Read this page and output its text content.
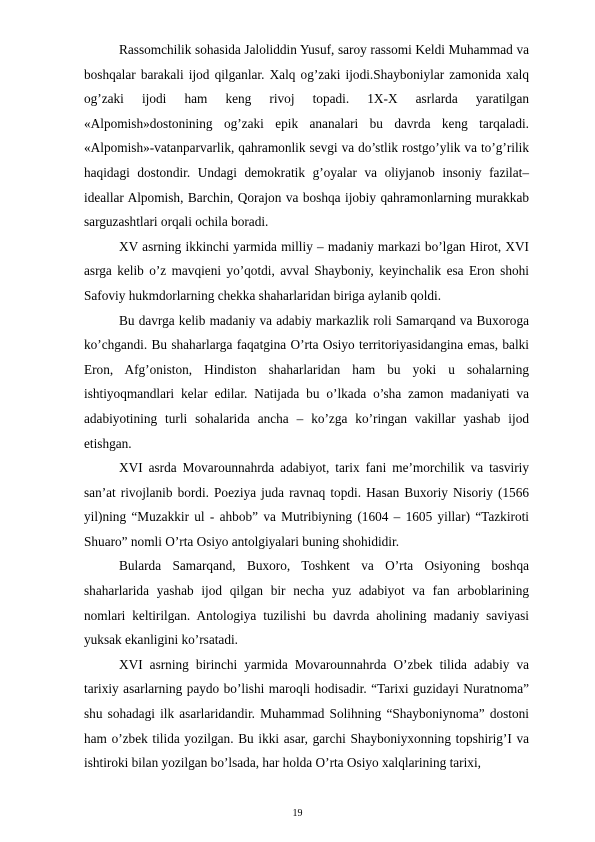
Rassomchilik sohasida Jaloliddin Yusuf, saroy rassomi Keldi Muhammad va boshqalar barakali ijod qilganlar. Xalq og’zaki ijodi.Shayboniylar zamonida xalq og’zaki ijodi ham keng rivoj topadi. 1X-X asrlarda yaratilgan «Alpomish»dostonining og’zaki epik ananalari bu davrda keng tarqaladi. «Alpomish»-vatanparvarlik, qahramonlik sevgi va do’stlik rostgo’ylik va to’g’rilik haqidagi dostondir. Undagi demokratik g’oyalar va oliyjanob insoniy fazilat–ideallar Alpomish, Barchin, Qorajon va boshqa ijobiy qahramonlarning murakkab sarguzashtlari orqali ochila boradi.

XV asrning ikkinchi yarmida milliy – madaniy markazi bo’lgan Hirot, XVI asrga kelib o’z mavqieni yo’qotdi, avval Shayboniy, keyinchalik esa Eron shohi Safoviy hukmdorlarning chekka shaharlaridan biriga aylanib qoldi.

Bu davrga kelib madaniy va adabiy markazlik roli Samarqand va Buxoroga ko’chgandi. Bu shaharlarga faqatgina O’rta Osiyo territoriyasidangina emas, balki Eron, Afg’oniston, Hindiston shaharlaridan ham bu yoki u sohalarning ishtiyoqmandlari kelar edilar. Natijada bu o’lkada o’sha zamon madaniyati va adabiyotining turli sohalarida ancha – ko’zga ko’ringan vakillar yashab ijod etishgan.

XVI asrda Movarounnahrda adabiyot, tarix fani me’morchilik va tasviriy san’at rivojlanib bordi. Poeziya juda ravnaq topdi. Hasan Buxoriy Nisoriy (1566 yil)ning “Muzakkir ul - ahbob” va Mutribiyning (1604 – 1605 yillar) “Tazkiroti Shuaro” nomli O’rta Osiyo antolgiyalari buning shohididir.

Bularda Samarqand, Buxoro, Toshkent va O’rta Osiyoning boshqa shaharlarida yashab ijod qilgan bir necha yuz adabiyot va fan arboblarining nomlari keltirilgan. Antologiya tuzilishi bu davrda aholining madaniy saviyasi yuksak ekanligini ko’rsatadi.

XVI asrning birinchi yarmida Movarounnahrda O’zbek tilida adabiy va tarixiy asarlarning paydo bo’lishi maroqli hodisadir. “Tarixi guzidayi Nuratnoma” shu sohadagi ilk asarlaridandir. Muhammad Solihning “Shayboniynoma” dostoni ham o’zbek tilida yozilgan. Bu ikki asar, garchi Shayboniyxonning topshirig’I va ishtiroki bilan yozilgan bo’lsada, har holda O’rta Osiyo xalqlarining tarixi,

19
